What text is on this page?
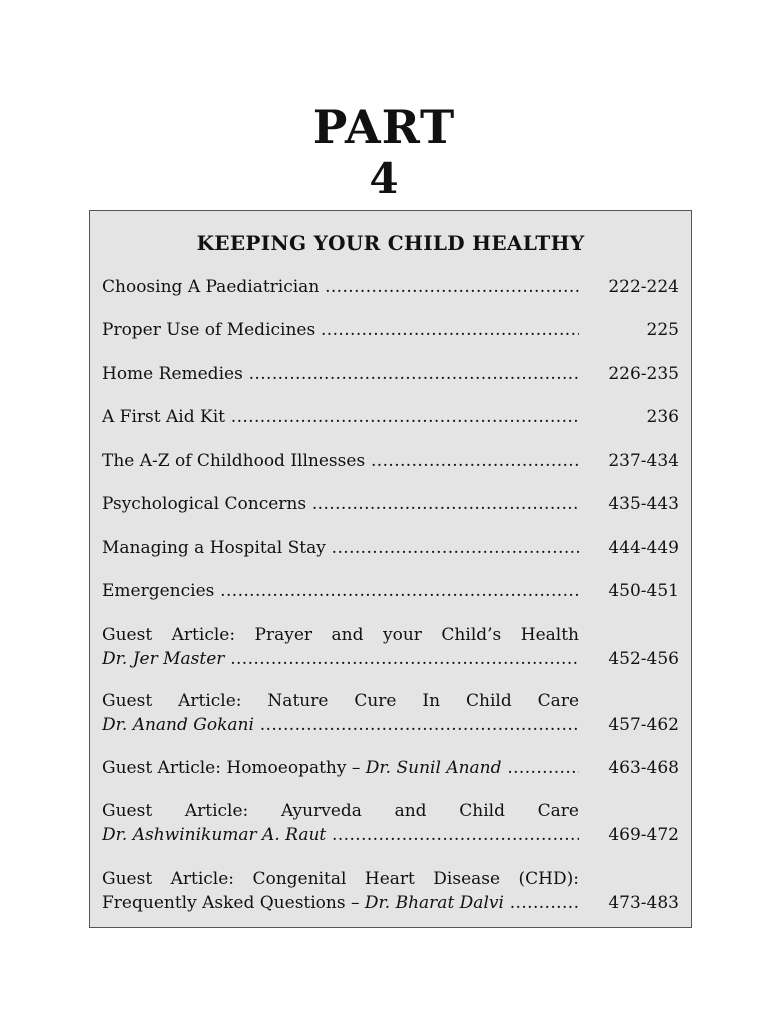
PART
4
KEEPING YOUR CHILD HEALTHY
Choosing A Paediatrician .....	222-224
Proper Use of Medicines .....	225
Home Remedies .....	226-235
A First Aid Kit .....	236
The A-Z of Childhood Illnesses .....	237-434
Psychological Concerns .....	435-443
Managing a Hospital Stay .....	444-449
Emergencies .....	450-451
Guest Article: Prayer and your Child’s Health
Dr. Jer Master .....	452-456
Guest Article: Nature Cure In Child Care
Dr. Anand Gokani .....	457-462
Guest Article: Homoeopathy – Dr. Sunil Anand .....	463-468
Guest Article: Ayurveda and Child Care
Dr. Ashwinikumar A. Raut .....	469-472
Guest Article: Congenital Heart Disease (CHD):
Frequently Asked Questions – Dr. Bharat Dalvi .....	473-483
